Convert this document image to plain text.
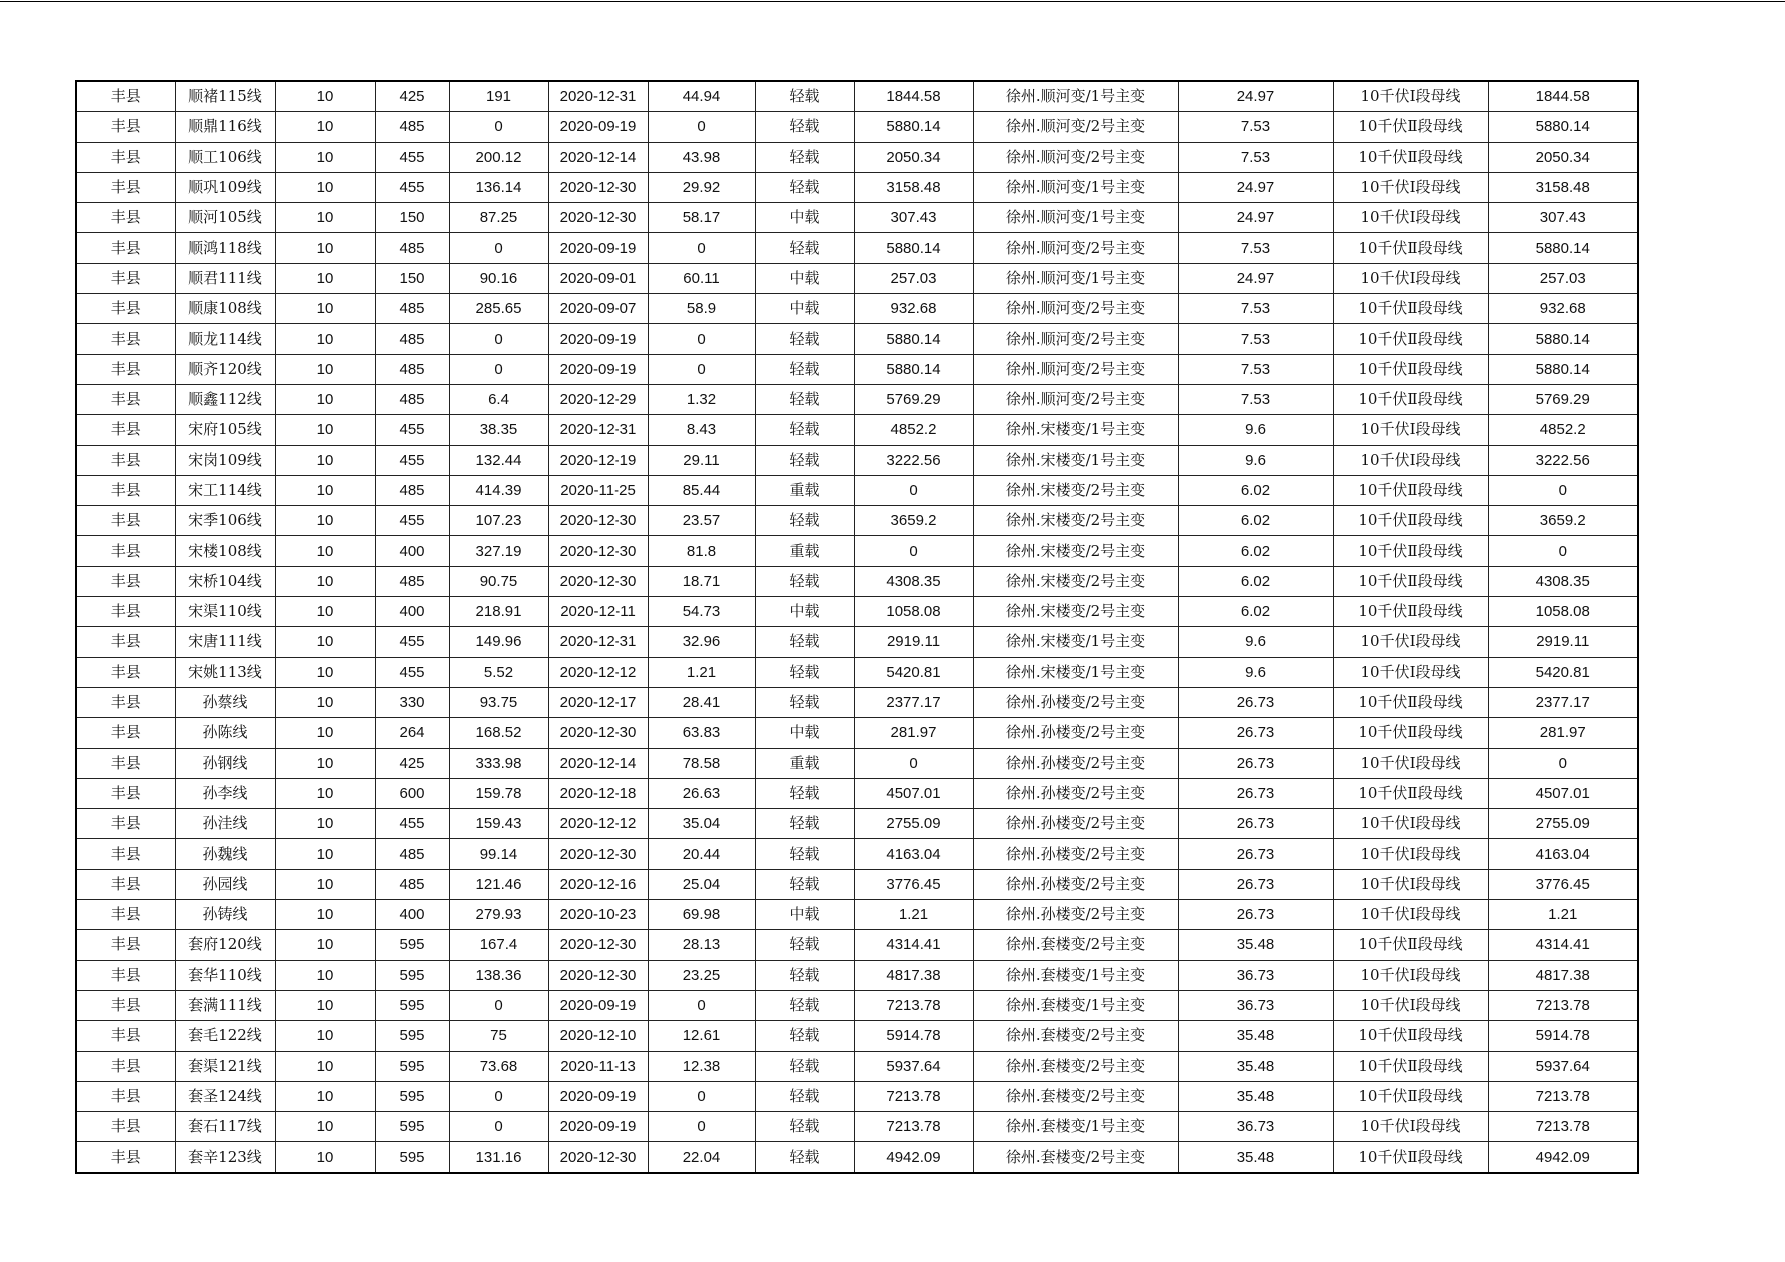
丰县	顺褚115线	10	425	191	2020-12-31	44.94	轻载	1844.58	徐州.顺河变/1号主变	24.97	10千伏Ⅰ段母线	1844.58
丰县	顺鼎116线	10	485	0	2020-09-19	0	轻载	5880.14	徐州.顺河变/2号主变	7.53	10千伏Ⅱ段母线	5880.14
丰县	顺工106线	10	455	200.12	2020-12-14	43.98	轻载	2050.34	徐州.顺河变/2号主变	7.53	10千伏Ⅱ段母线	2050.34
丰县	顺巩109线	10	455	136.14	2020-12-30	29.92	轻载	3158.48	徐州.顺河变/1号主变	24.97	10千伏Ⅰ段母线	3158.48
丰县	顺河105线	10	150	87.25	2020-12-30	58.17	中载	307.43	徐州.顺河变/1号主变	24.97	10千伏Ⅰ段母线	307.43
丰县	顺鸿118线	10	485	0	2020-09-19	0	轻载	5880.14	徐州.顺河变/2号主变	7.53	10千伏Ⅱ段母线	5880.14
丰县	顺君111线	10	150	90.16	2020-09-01	60.11	中载	257.03	徐州.顺河变/1号主变	24.97	10千伏Ⅰ段母线	257.03
丰县	顺康108线	10	485	285.65	2020-09-07	58.9	中载	932.68	徐州.顺河变/2号主变	7.53	10千伏Ⅱ段母线	932.68
丰县	顺龙114线	10	485	0	2020-09-19	0	轻载	5880.14	徐州.顺河变/2号主变	7.53	10千伏Ⅱ段母线	5880.14
丰县	顺齐120线	10	485	0	2020-09-19	0	轻载	5880.14	徐州.顺河变/2号主变	7.53	10千伏Ⅱ段母线	5880.14
丰县	顺鑫112线	10	485	6.4	2020-12-29	1.32	轻载	5769.29	徐州.顺河变/2号主变	7.53	10千伏Ⅱ段母线	5769.29
丰县	宋府105线	10	455	38.35	2020-12-31	8.43	轻载	4852.2	徐州.宋楼变/1号主变	9.6	10千伏Ⅰ段母线	4852.2
丰县	宋岗109线	10	455	132.44	2020-12-19	29.11	轻载	3222.56	徐州.宋楼变/1号主变	9.6	10千伏Ⅰ段母线	3222.56
丰县	宋工114线	10	485	414.39	2020-11-25	85.44	重载	0	徐州.宋楼变/2号主变	6.02	10千伏Ⅱ段母线	0
丰县	宋季106线	10	455	107.23	2020-12-30	23.57	轻载	3659.2	徐州.宋楼变/2号主变	6.02	10千伏Ⅱ段母线	3659.2
丰县	宋楼108线	10	400	327.19	2020-12-30	81.8	重载	0	徐州.宋楼变/2号主变	6.02	10千伏Ⅱ段母线	0
丰县	宋桥104线	10	485	90.75	2020-12-30	18.71	轻载	4308.35	徐州.宋楼变/2号主变	6.02	10千伏Ⅱ段母线	4308.35
丰县	宋渠110线	10	400	218.91	2020-12-11	54.73	中载	1058.08	徐州.宋楼变/2号主变	6.02	10千伏Ⅱ段母线	1058.08
丰县	宋唐111线	10	455	149.96	2020-12-31	32.96	轻载	2919.11	徐州.宋楼变/1号主变	9.6	10千伏Ⅰ段母线	2919.11
丰县	宋姚113线	10	455	5.52	2020-12-12	1.21	轻载	5420.81	徐州.宋楼变/1号主变	9.6	10千伏Ⅰ段母线	5420.81
丰县	孙蔡线	10	330	93.75	2020-12-17	28.41	轻载	2377.17	徐州.孙楼变/2号主变	26.73	10千伏Ⅱ段母线	2377.17
丰县	孙陈线	10	264	168.52	2020-12-30	63.83	中载	281.97	徐州.孙楼变/2号主变	26.73	10千伏Ⅱ段母线	281.97
丰县	孙钢线	10	425	333.98	2020-12-14	78.58	重载	0	徐州.孙楼变/2号主变	26.73	10千伏Ⅰ段母线	0
丰县	孙李线	10	600	159.78	2020-12-18	26.63	轻载	4507.01	徐州.孙楼变/2号主变	26.73	10千伏Ⅱ段母线	4507.01
丰县	孙洼线	10	455	159.43	2020-12-12	35.04	轻载	2755.09	徐州.孙楼变/2号主变	26.73	10千伏Ⅰ段母线	2755.09
丰县	孙魏线	10	485	99.14	2020-12-30	20.44	轻载	4163.04	徐州.孙楼变/2号主变	26.73	10千伏Ⅰ段母线	4163.04
丰县	孙园线	10	485	121.46	2020-12-16	25.04	轻载	3776.45	徐州.孙楼变/2号主变	26.73	10千伏Ⅰ段母线	3776.45
丰县	孙铸线	10	400	279.93	2020-10-23	69.98	中载	1.21	徐州.孙楼变/2号主变	26.73	10千伏Ⅰ段母线	1.21
丰县	套府120线	10	595	167.4	2020-12-30	28.13	轻载	4314.41	徐州.套楼变/2号主变	35.48	10千伏Ⅱ段母线	4314.41
丰县	套华110线	10	595	138.36	2020-12-30	23.25	轻载	4817.38	徐州.套楼变/1号主变	36.73	10千伏Ⅰ段母线	4817.38
丰县	套满111线	10	595	0	2020-09-19	0	轻载	7213.78	徐州.套楼变/1号主变	36.73	10千伏Ⅰ段母线	7213.78
丰县	套毛122线	10	595	75	2020-12-10	12.61	轻载	5914.78	徐州.套楼变/2号主变	35.48	10千伏Ⅱ段母线	5914.78
丰县	套渠121线	10	595	73.68	2020-11-13	12.38	轻载	5937.64	徐州.套楼变/2号主变	35.48	10千伏Ⅱ段母线	5937.64
丰县	套圣124线	10	595	0	2020-09-19	0	轻载	7213.78	徐州.套楼变/2号主变	35.48	10千伏Ⅱ段母线	7213.78
丰县	套石117线	10	595	0	2020-09-19	0	轻载	7213.78	徐州.套楼变/1号主变	36.73	10千伏Ⅰ段母线	7213.78
丰县	套辛123线	10	595	131.16	2020-12-30	22.04	轻载	4942.09	徐州.套楼变/2号主变	35.48	10千伏Ⅱ段母线	4942.09
